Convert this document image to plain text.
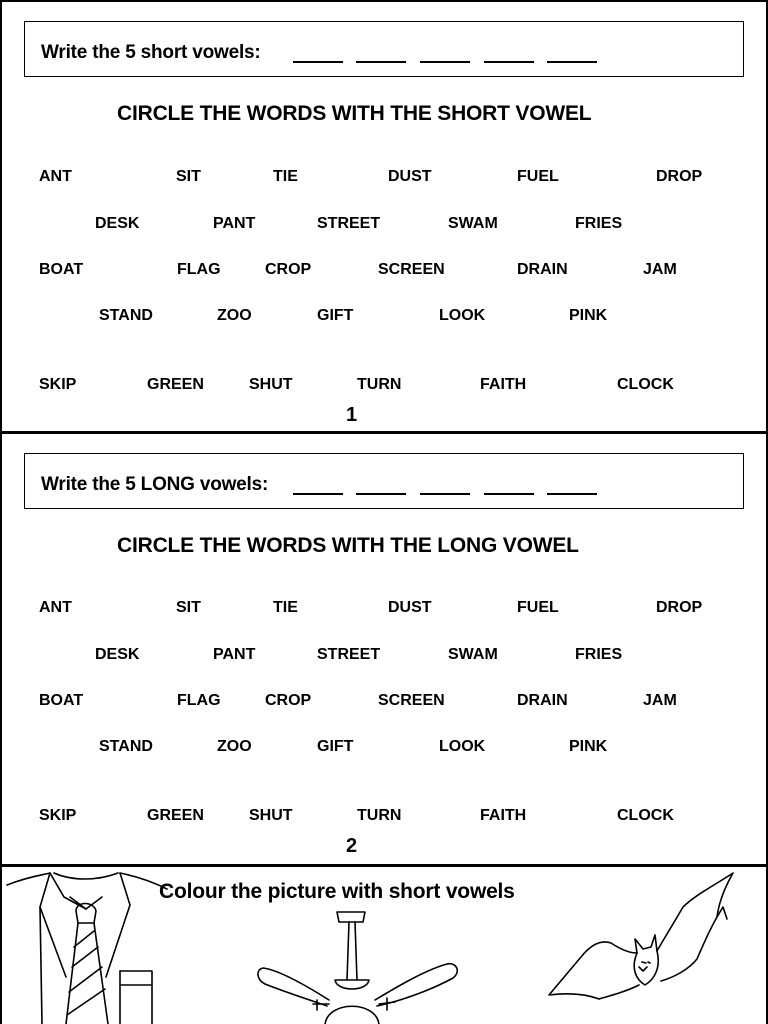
Write the 5 short vowels:
CIRCLE THE WORDS WITH THE SHORT VOWEL
ANT	SIT	TIE	DUST	FUEL	DROP
DESK	PANT	STREET	SWAM	FRIES
BOAT	FLAG	CROP	SCREEN	DRAIN	JAM
STAND	ZOO	GIFT	LOOK	PINK
SKIP	GREEN	SHUT	TURN	FAITH	CLOCK
1
Write the 5 LONG vowels:
CIRCLE THE WORDS WITH THE LONG VOWEL
ANT	SIT	TIE	DUST	FUEL	DROP
DESK	PANT	STREET	SWAM	FRIES
BOAT	FLAG	CROP	SCREEN	DRAIN	JAM
STAND	ZOO	GIFT	LOOK	PINK
SKIP	GREEN	SHUT	TURN	FAITH	CLOCK
2
Colour the picture with short vowels
